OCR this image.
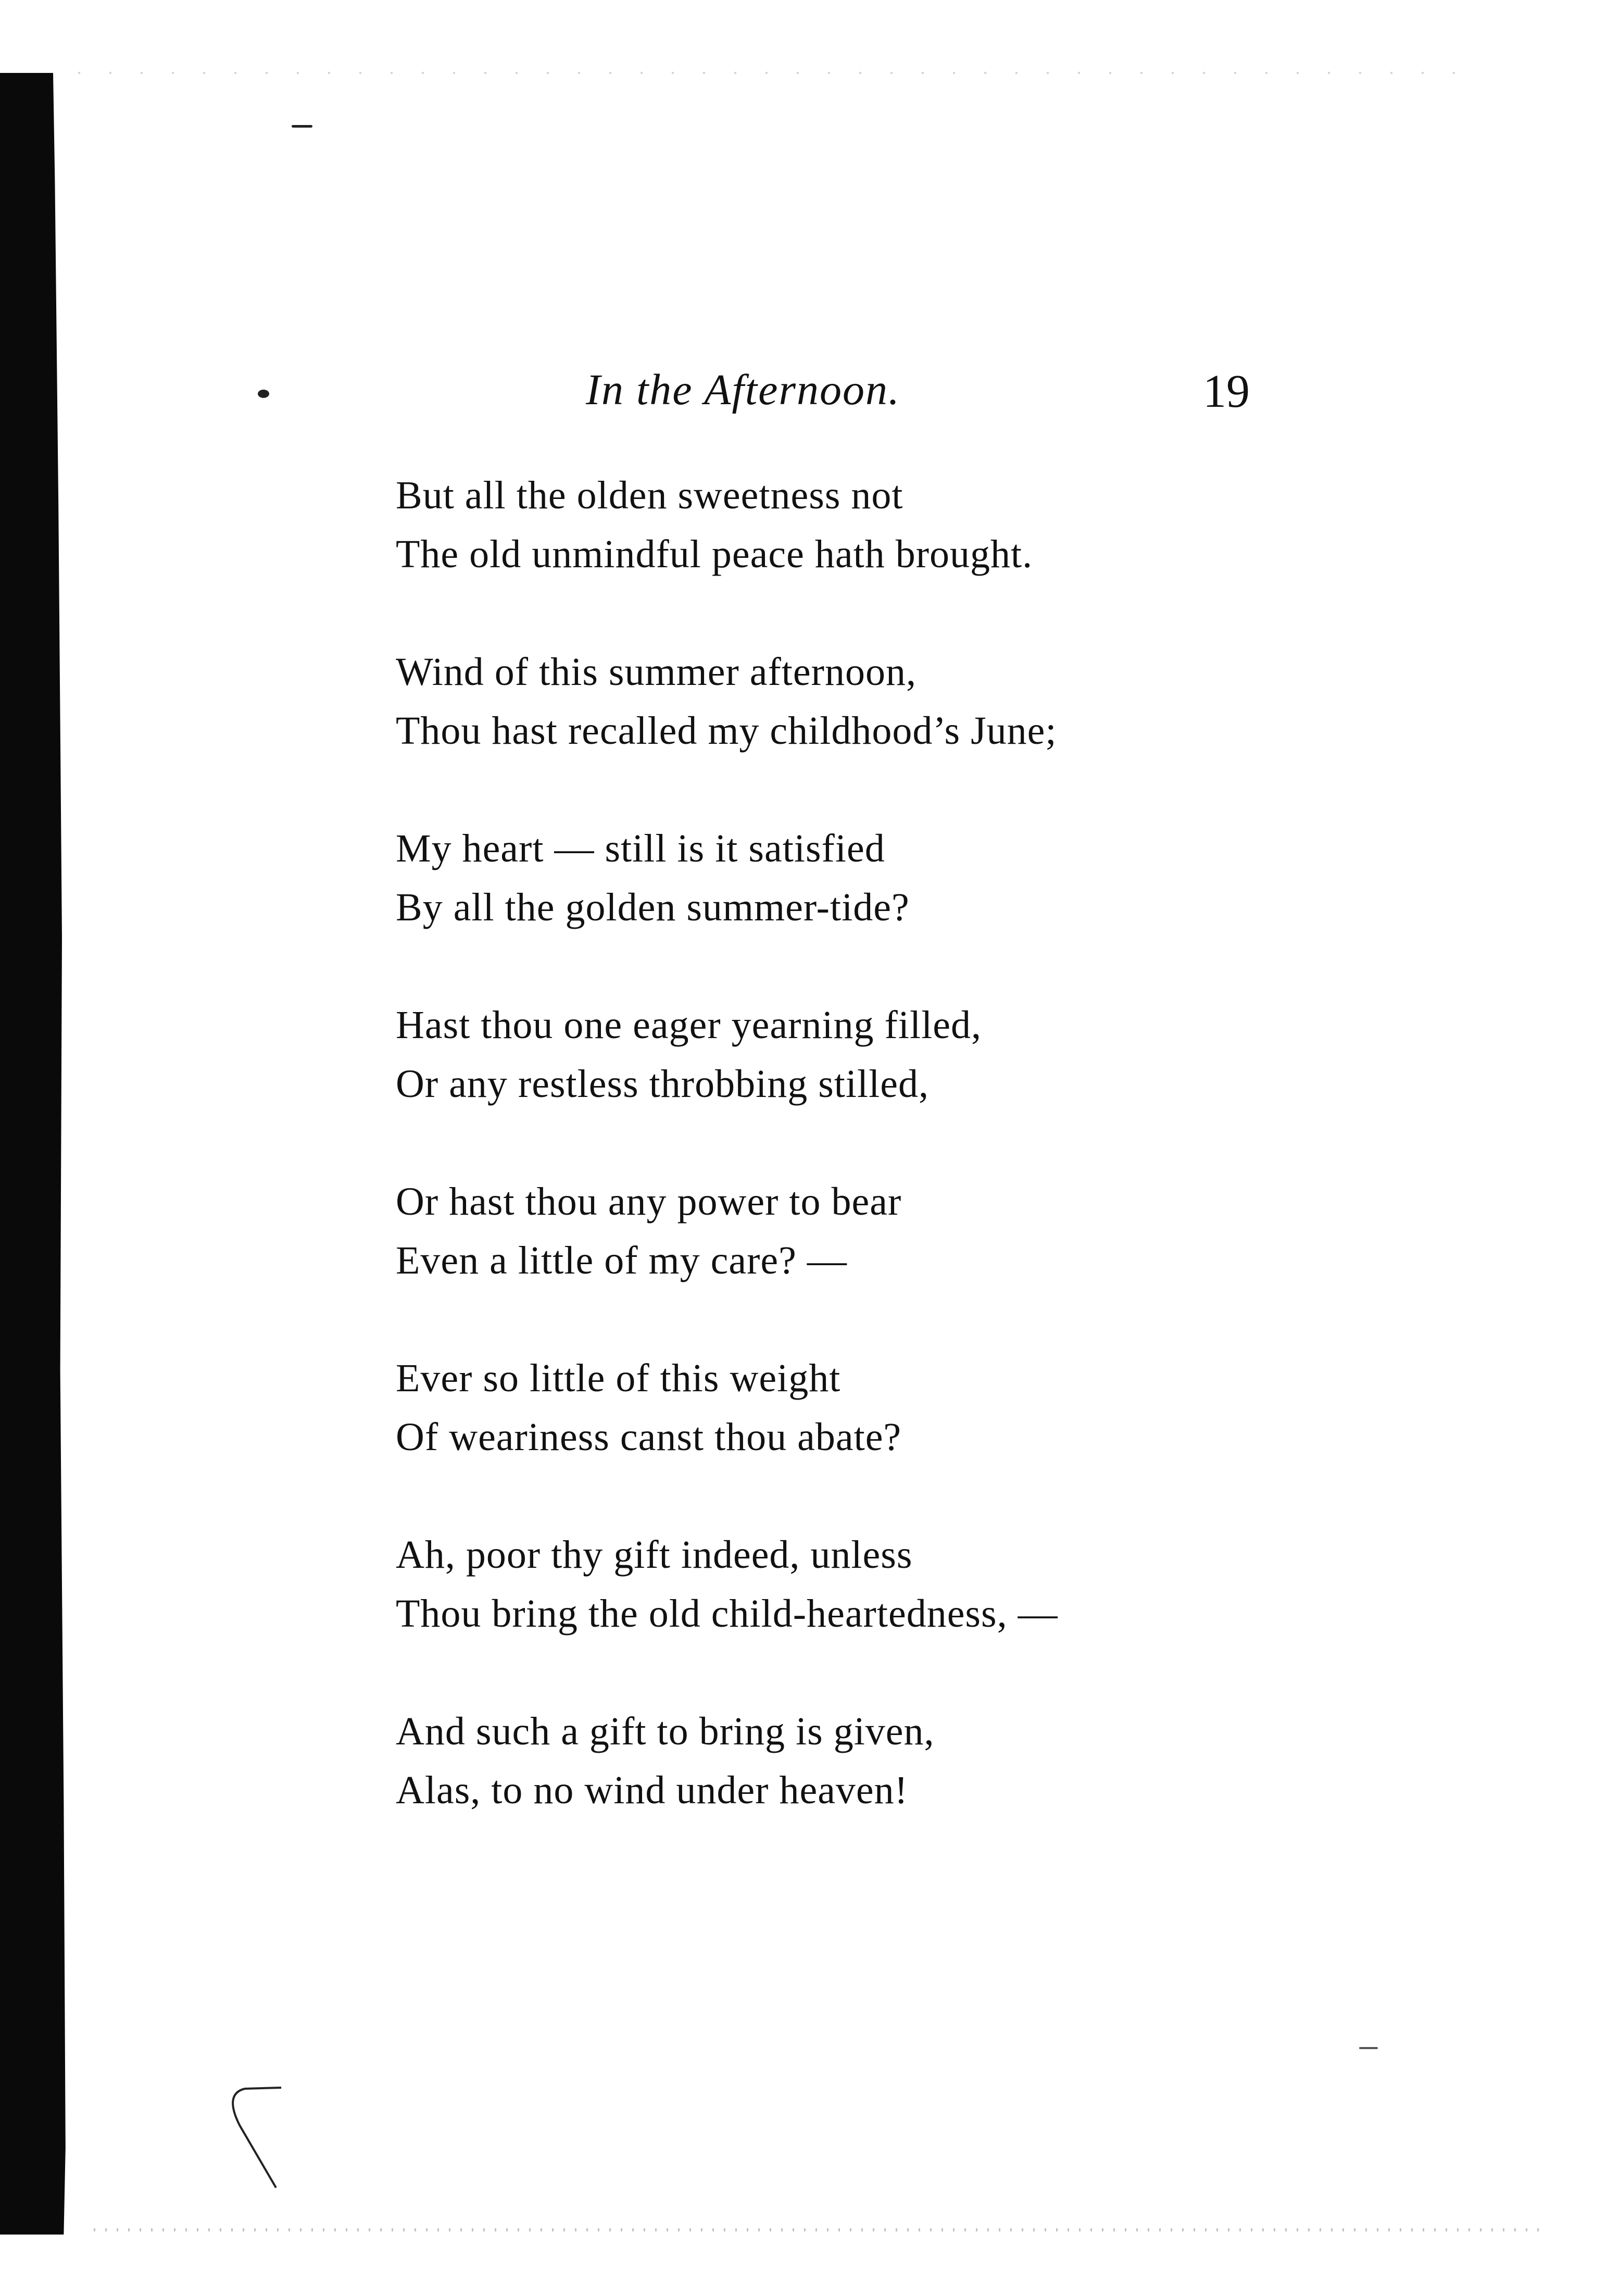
In the Afternoon.	19
But all the olden sweetness not
The old unmindful peace hath brought.
Wind of this summer afternoon,
Thou hast recalled my childhood’s June;
My heart — still is it satisfied
By all the golden summer-tide?
Hast thou one eager yearning filled,
Or any restless throbbing stilled,
Or hast thou any power to bear
Even a little of my care? —
Ever so little of this weight
Of weariness canst thou abate?
Ah, poor thy gift indeed, unless
Thou bring the old child-heartedness, —
And such a gift to bring is given,
Alas, to no wind under heaven!
